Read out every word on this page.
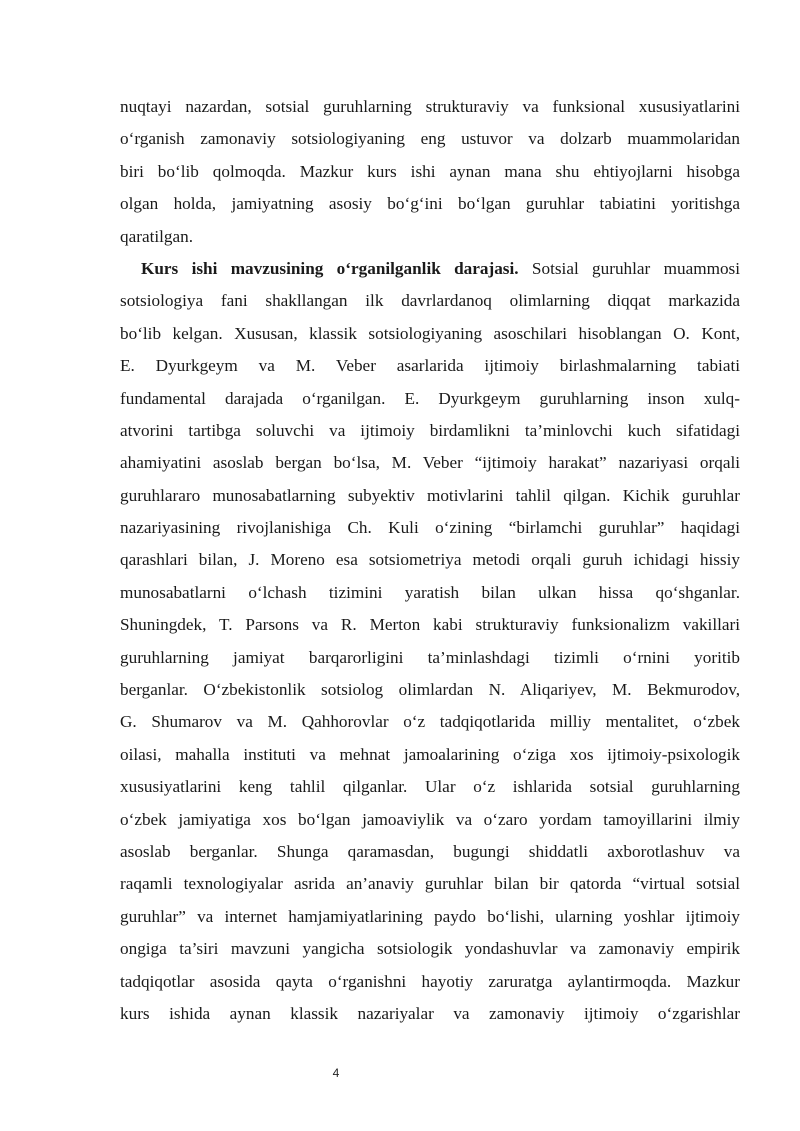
nuqtayi nazardan, sotsial guruhlarning strukturaviy va funksional xususiyatlarini
o‘rganish zamonaviy sotsiologiyaning eng ustuvor va dolzarb muammolaridan
biri bo‘lib qolmoqda. Mazkur kurs ishi aynan mana shu ehtiyojlarni hisobga
olgan holda, jamiyatning asosiy bo‘g‘ini bo‘lgan guruhlar tabiatini yoritishga
qaratilgan.
Kurs ishi mavzusining o‘rganilganlik darajasi. Sotsial guruhlar muammosi
sotsiologiya fani shakllangan ilk davrlardanoq olimlarning diqqat markazida
bo‘lib kelgan. Xususan, klassik sotsiologiyaning asoschilari hisoblangan O. Kont,
E. Dyurkgeym va M. Veber asarlarida ijtimoiy birlashmalarning tabiati
fundamental darajada o‘rganilgan. E. Dyurkgeym guruhlarning inson xulq-
atvorini tartibga soluvchi va ijtimoiy birdamlikni ta’minlovchi kuch sifatidagi
ahamiyatini asoslab bergan bo‘lsa, M. Veber “ijtimoiy harakat” nazariyasi orqali
guruhlararo munosabatlarning subyektiv motivlarini tahlil qilgan. Kichik guruhlar
nazariyasining rivojlanishiga Ch. Kuli o‘zining “birlamchi guruhlar” haqidagi
qarashlari bilan, J. Moreno esa sotsiometriya metodi orqali guruh ichidagi hissiy
munosabatlarni o‘lchash tizimini yaratish bilan ulkan hissa qo‘shganlar.
Shuningdek, T. Parsons va R. Merton kabi strukturaviy funksionalizm vakillari
guruhlarning jamiyat barqarorligini ta’minlashdagi tizimli o‘rnini yoritib
berganlar. O‘zbekistonlik sotsiolog olimlardan N. Aliqariyev, M. Bekmurodov,
G. Shumarov va M. Qahhorovlar o‘z tadqiqotlarida milliy mentalitet, o‘zbek
oilasi, mahalla instituti va mehnat jamoalarining o‘ziga xos ijtimoiy-psixologik
xususiyatlarini keng tahlil qilganlar. Ular o‘z ishlarida sotsial guruhlarning
o‘zbek jamiyatiga xos bo‘lgan jamoaviylik va o‘zaro yordam tamoyillarini ilmiy
asoslab berganlar. Shunga qaramasdan, bugungi shiddatli axborotlashuv va
raqamli texnologiyalar asrida an’anaviy guruhlar bilan bir qatorda “virtual sotsial
guruhlar” va internet hamjamiyatlarining paydo bo‘lishi, ularning yoshlar ijtimoiy
ongiga ta’siri mavzuni yangicha sotsiologik yondashuvlar va zamonaviy empirik
tadqiqotlar asosida qayta o‘rganishni hayotiy zaruratga aylantirmoqda. Mazkur
kurs ishida aynan klassik nazariyalar va zamonaviy ijtimoiy o‘zgarishlar
4
